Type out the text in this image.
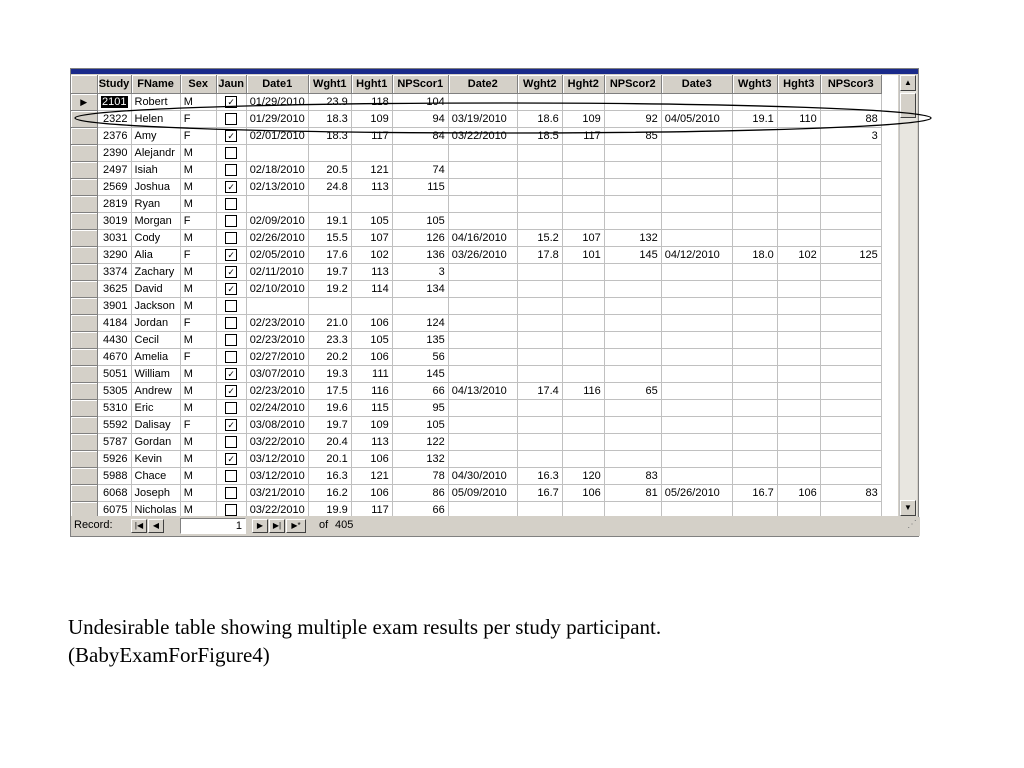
	Study	FName	Sex	Jaun	Date1	Wght1	Hght1	NPScor1	Date2	Wght2	Hght2	NPScor2	Date3	Wght3	Hght3	NPScor3
▶	2101	Robert	M	✓	01/29/2010	23.9	118	104								
	2322	Helen	F		01/29/2010	18.3	109	94	03/19/2010	18.6	109	92	04/05/2010	19.1	110	88
	2376	Amy	F	✓	02/01/2010	18.3	117	84	03/22/2010	18.5	117	85				3
	2390	Alejandr	M													
	2497	Isiah	M		02/18/2010	20.5	121	74								
	2569	Joshua	M	✓	02/13/2010	24.8	113	115								
	2819	Ryan	M													
	3019	Morgan	F		02/09/2010	19.1	105	105								
	3031	Cody	M		02/26/2010	15.5	107	126	04/16/2010	15.2	107	132				
	3290	Alia	F	✓	02/05/2010	17.6	102	136	03/26/2010	17.8	101	145	04/12/2010	18.0	102	125
	3374	Zachary	M	✓	02/11/2010	19.7	113	3								
	3625	David	M	✓	02/10/2010	19.2	114	134								
	3901	Jackson	M													
	4184	Jordan	F		02/23/2010	21.0	106	124								
	4430	Cecil	M		02/23/2010	23.3	105	135								
	4670	Amelia	F		02/27/2010	20.2	106	56								
	5051	William	M	✓	03/07/2010	19.3	111	145								
	5305	Andrew	M	✓	02/23/2010	17.5	116	66	04/13/2010	17.4	116	65				
	5310	Eric	M		02/24/2010	19.6	115	95								
	5592	Dalisay	F	✓	03/08/2010	19.7	109	105								
	5787	Gordan	M		03/22/2010	20.4	113	122								
	5926	Kevin	M	✓	03/12/2010	20.1	106	132								
	5988	Chace	M		03/12/2010	16.3	121	78	04/30/2010	16.3	120	83				
	6068	Joseph	M		03/21/2010	16.2	106	86	05/09/2010	16.7	106	81	05/26/2010	16.7	106	83
	6075	Nicholas	M		03/22/2010	19.9	117	66								
▲
▼
Record:	|◀	◀	1	▶	▶|	▶*	of 405	⋰
Undesirable table showing multiple exam results per study participant.
(BabyExamForFigure4)
